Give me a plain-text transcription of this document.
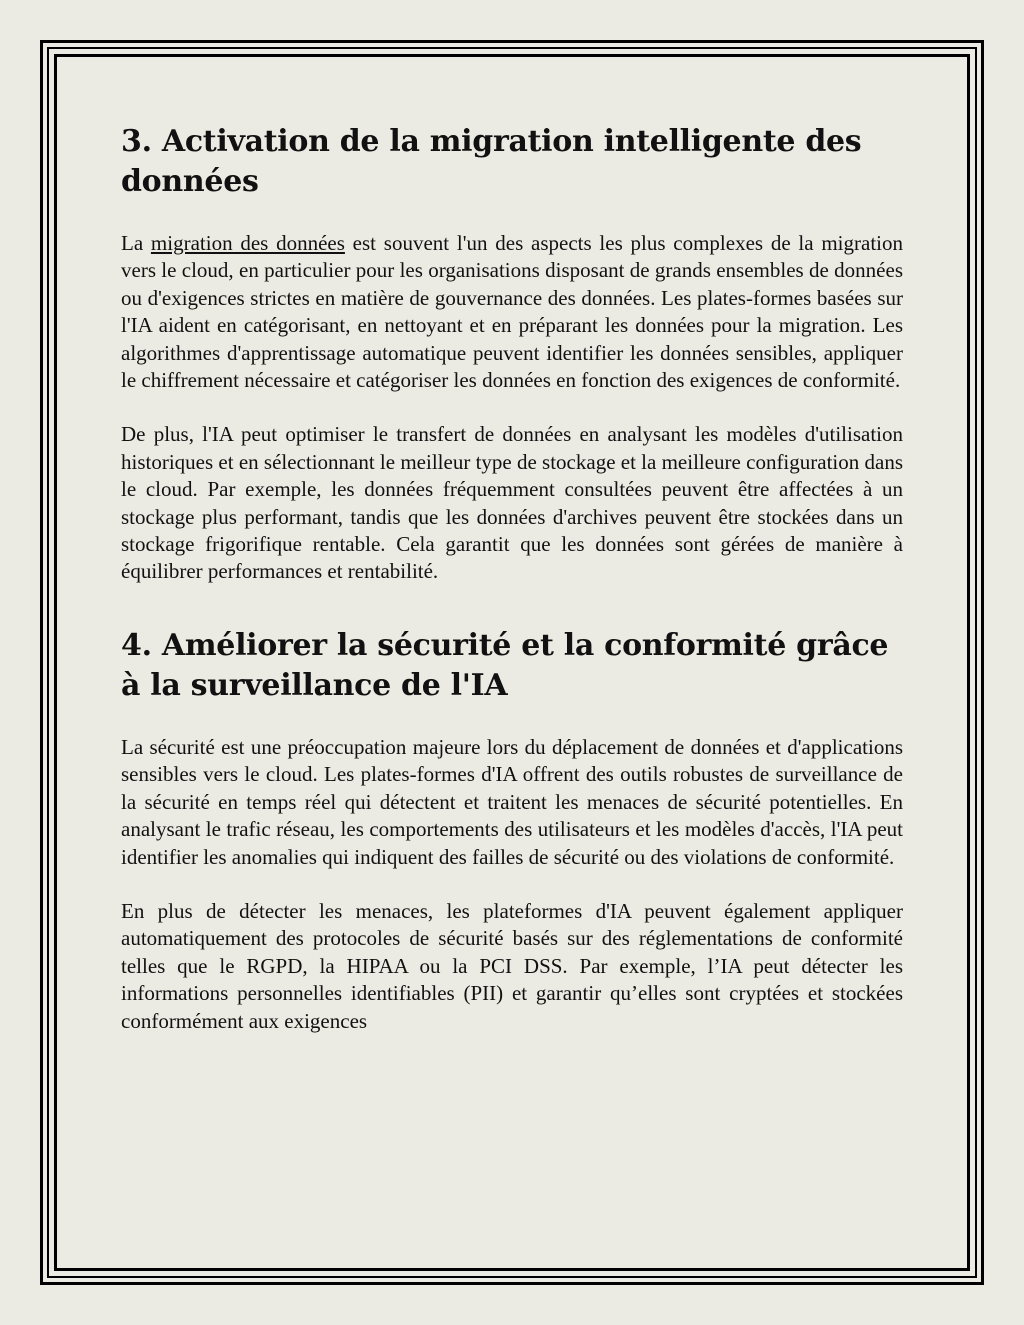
3. Activation de la migration intelligente des données

La migration des données est souvent l'un des aspects les plus complexes de la migration vers le cloud, en particulier pour les organisations disposant de grands ensembles de données ou d'exigences strictes en matière de gouvernance des données. Les plates-formes basées sur l'IA aident en catégorisant, en nettoyant et en préparant les données pour la migration. Les algorithmes d'apprentissage automatique peuvent identifier les données sensibles, appliquer le chiffrement nécessaire et catégoriser les données en fonction des exigences de conformité.

De plus, l'IA peut optimiser le transfert de données en analysant les modèles d'utilisation historiques et en sélectionnant le meilleur type de stockage et la meilleure configuration dans le cloud. Par exemple, les données fréquemment consultées peuvent être affectées à un stockage plus performant, tandis que les données d'archives peuvent être stockées dans un stockage frigorifique rentable. Cela garantit que les données sont gérées de manière à équilibrer performances et rentabilité.

4. Améliorer la sécurité et la conformité grâce à la surveillance de l'IA

La sécurité est une préoccupation majeure lors du déplacement de données et d'applications sensibles vers le cloud. Les plates-formes d'IA offrent des outils robustes de surveillance de la sécurité en temps réel qui détectent et traitent les menaces de sécurité potentielles. En analysant le trafic réseau, les comportements des utilisateurs et les modèles d'accès, l'IA peut identifier les anomalies qui indiquent des failles de sécurité ou des violations de conformité.

En plus de détecter les menaces, les plateformes d'IA peuvent également appliquer automatiquement des protocoles de sécurité basés sur des réglementations de conformité telles que le RGPD, la HIPAA ou la PCI DSS. Par exemple, l’IA peut détecter les informations personnelles identifiables (PII) et garantir qu’elles sont cryptées et stockées conformément aux exigences
